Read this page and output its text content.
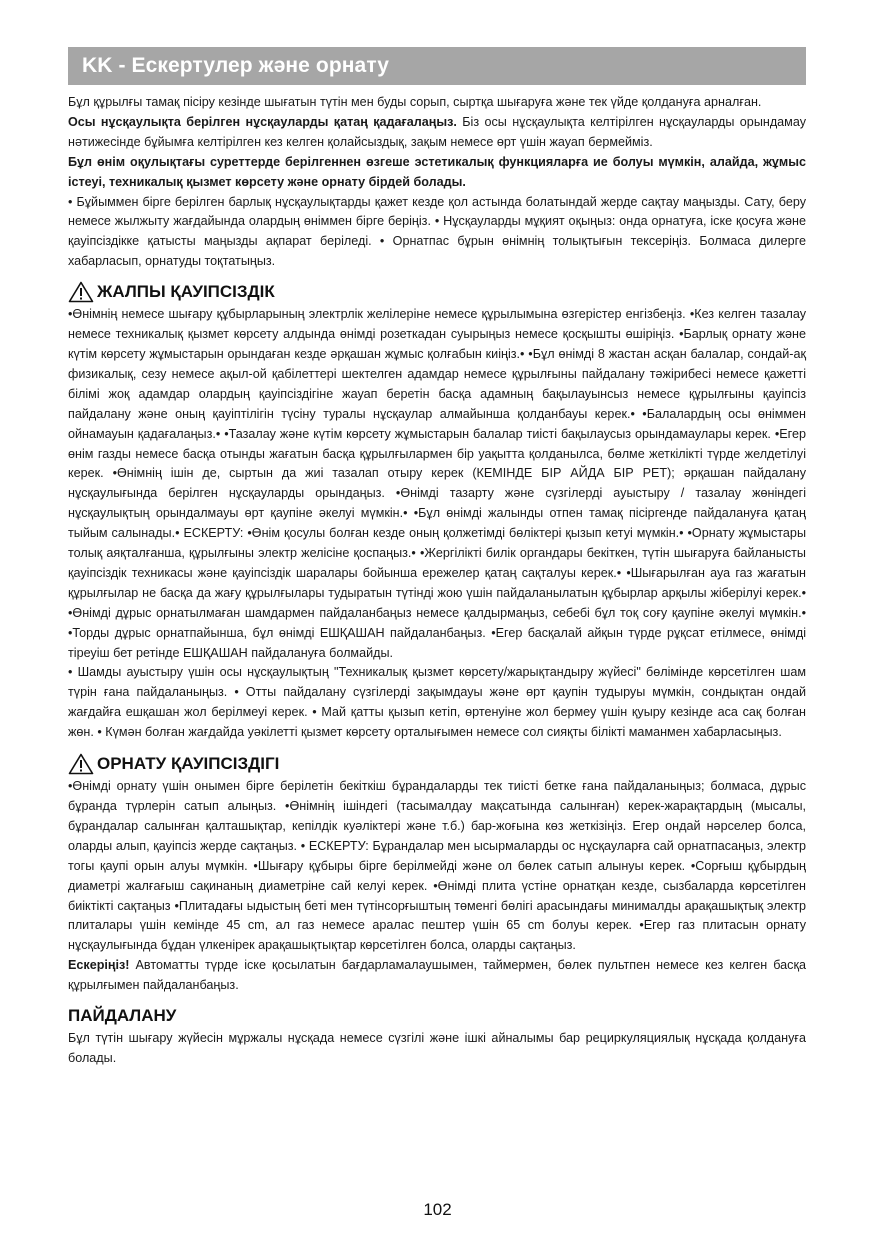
KK - Ескертулер және орнату

Бұл құрылғы тамақ пісіру кезінде шығатын түтін мен буды сорып, сыртқа шығаруға және тек үйде қолдануға арналған.

Осы нұсқаулықта берілген нұсқауларды қатаң қадағалаңыз. Біз осы нұсқаулықта келтірілген нұсқауларды орындамау нәтижесінде бұйымға келтірілген кез келген қолайсыздық, зақым немесе өрт үшін жауап бермейміз.

Бұл өнім оқулықтағы суреттерде берілгеннен өзгеше эстетикалық функцияларға ие болуы мүмкін, алайда, жұмыс істеуі, техникалық қызмет көрсету және орнату бірдей болады.

• Бұйыммен бірге берілген барлық нұсқаулықтарды қажет кезде қол астында болатындай жерде сақтау маңызды. Сату, беру немесе жылжыту жағдайында олардың өніммен бірге беріңіз. • Нұсқауларды мұқият оқыңыз: онда орнатуға, іске қосуға және қауіпсіздікке қатысты маңызды ақпарат беріледі. • Орнатпас бұрын өнімнің толықтығын тексеріңіз. Болмаса дилерге хабарласып, орнатуды тоқтатыңыз.

ЖАЛПЫ ҚАУІПСІЗДІК

•Өнімнің немесе шығару құбырларының электрлік желілеріне немесе құрылымына өзгерістер енгізбеңіз. •Кез келген тазалау немесе техникалық қызмет көрсету алдында өнімді розеткадан суырыңыз немесе қосқышты өшіріңіз. •Барлық орнату және күтім көрсету жұмыстарын орындаған кезде әрқашан жұмыс қолғабын киіңіз.• •Бұл өнімді 8 жастан асқан балалар, сондай-ақ физикалық, сезу немесе ақыл-ой қабілеттері шектелген адамдар немесе құрылғыны пайдалану тәжірибесі немесе қажетті білімі жоқ адамдар олардың қауіпсіздігіне жауап беретін басқа адамның бақылауынсыз немесе құрылғыны қауіпсіз пайдалану және оның қауіптілігін түсіну туралы нұсқаулар алмайынша қолданбауы керек.• •Балалардың осы өніммен ойнамауын қадағалаңыз.• •Тазалау және күтім көрсету жұмыстарын балалар тиісті бақылаусыз орындамаулары керек. •Егер өнім газды немесе басқа отынды жағатын басқа құрылғылармен бір уақытта қолданылса, бөлме жеткілікті түрде желдетілуі керек. •Өнімнің ішін де, сыртын да жиі тазалап отыру керек (КЕМІНДЕ БІР АЙДА БІР РЕТ); әрқашан пайдалану нұсқаулығында берілген нұсқауларды орындаңыз. •Өнімді тазарту және сүзгілерді ауыстыру / тазалау жөніндегі нұсқаулықтың орындалмауы өрт қаупіне әкелуі мүмкін.• •Бұл өнімді жалынды отпен тамақ пісіргенде пайдалануға қатаң тыйым салынады.• ЕСКЕРТУ: •Өнім қосулы болған кезде оның қолжетімді бөліктері қызып кетуі мүмкін.• •Орнату жұмыстары толық аяқталғанша, құрылғыны электр желісіне қоспаңыз.• •Жергілікті билік органдары бекіткен, түтін шығаруға байланысты қауіпсіздік техникасы және қауіпсіздік шаралары бойынша ережелер қатаң сақталуы керек.• •Шығарылған ауа газ жағатын құрылғылар не басқа да жағу құрылғылары тудыратын түтінді жою үшін пайдаланылатын құбырлар арқылы жіберілуі керек.• •Өнімді дұрыс орнатылмаған шамдармен пайдаланбаңыз немесе қалдырмаңыз, себебі бұл тоқ соғу қаупіне әкелуі мүмкін.• •Торды дұрыс орнатпайынша, бұл өнімді ЕШҚАШАН пайдаланбаңыз. •Егер басқалай айқын түрде рұқсат етілмесе, өнімді тіреуіш бет ретінде ЕШҚАШАН пайдалануға болмайды.

• Шамды ауыстыру үшін осы нұсқаулықтың "Техникалық қызмет көрсету/жарықтандыру жүйесі" бөлімінде көрсетілген шам түрін ғана пайдаланыңыз. • Отты пайдалану сүзгілерді зақымдауы және өрт қаупін тудыруы мүмкін, сондықтан ондай жағдайға ешқашан жол берілмеуі керек. • Май қатты қызып кетіп, өртенуіне жол бермеу үшін қуыру кезінде аса сақ болған жөн. • Күмән болған жағдайда уәкілетті қызмет көрсету орталығымен немесе сол сияқты білікті маманмен хабарласыңыз.

ОРНАТУ ҚАУІПСІЗДІГІ

•Өнімді орнату үшін онымен бірге берілетін бекіткіш бұрандаларды тек тиісті бетке ғана пайдаланыңыз; болмаса, дұрыс бұранда түрлерін сатып алыңыз. •Өнімнің ішіндегі (тасымалдау мақсатында салынған) керек-жарақтардың (мысалы, бұрандалар салынған қалташықтар, кепілдік куәліктері және т.б.) бар-жоғына көз жеткізіңіз. Егер ондай нәрселер болса, оларды алып, қауіпсіз жерде сақтаңыз. • ЕСКЕРТУ: Бұрандалар мен ысырмаларды ос нұсқауларға сай орнатпасаңыз, электр тогы қаупі орын алуы мүмкін. •Шығару құбыры бірге берілмейді және ол бөлек сатып алынуы керек. •Сорғыш құбырдың диаметрі жалғағыш сақинаның диаметріне сай келуі керек. •Өнімді плита үстіне орнатқан кезде, сызбаларда көрсетілген биіктікті сақтаңыз •Плитадағы ыдыстың беті мен түтінсорғыштың төменгі бөлігі арасындағы минималды арақашықтық электр плиталары үшін кемінде 45 cm, ал газ немесе аралас пештер үшін 65 cm болуы керек. •Егер газ плитасын орнату нұсқаулығында бұдан үлкенірек арақашықтықтар көрсетілген болса, оларды сақтаңыз.

Ескеріңіз! Автоматты түрде іске қосылатын бағдарламалаушымен, таймермен, бөлек пультпен немесе кез келген басқа құрылғымен пайдаланбаңыз.

ПАЙДАЛАНУ

Бұл түтін шығару жүйесін мұржалы нұсқада немесе сүзгілі және ішкі айналымы бар рециркуляциялық нұсқада қолдануға болады.

102
